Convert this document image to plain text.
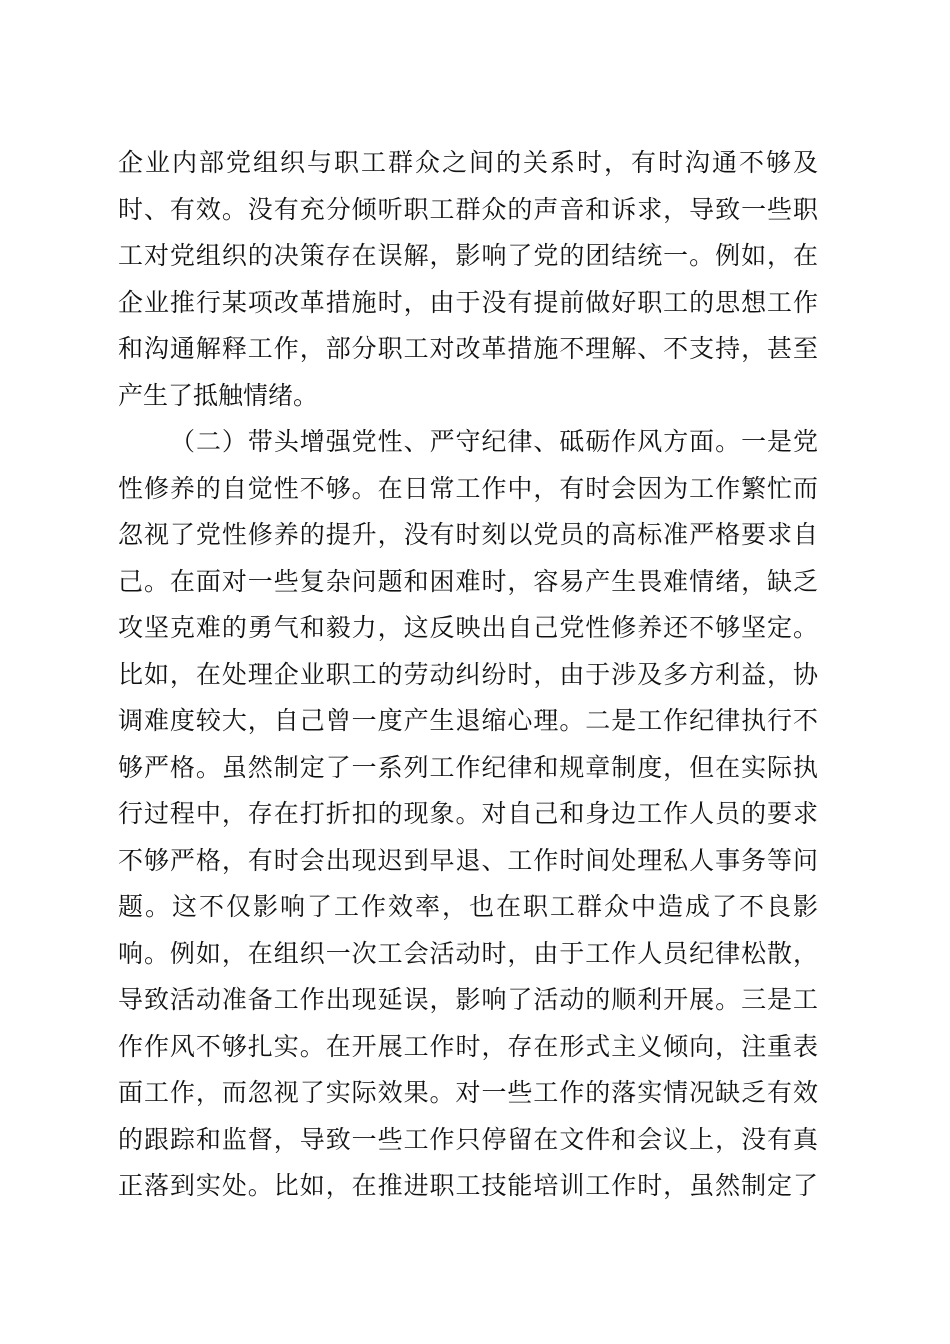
企业内部党组织与职工群众之间的关系时，有时沟通不够及
时、有效。没有充分倾听职工群众的声音和诉求，导致一些职
工对党组织的决策存在误解，影响了党的团结统一。例如，在
企业推行某项改革措施时，由于没有提前做好职工的思想工作
和沟通解释工作，部分职工对改革措施不理解、不支持，甚至
产生了抵触情绪。
（二）带头增强党性、严守纪律、砥砺作风方面。一是党
性修养的自觉性不够。在日常工作中，有时会因为工作繁忙而
忽视了党性修养的提升，没有时刻以党员的高标准严格要求自
己。在面对一些复杂问题和困难时，容易产生畏难情绪，缺乏
攻坚克难的勇气和毅力，这反映出自己党性修养还不够坚定。
比如，在处理企业职工的劳动纠纷时，由于涉及多方利益，协
调难度较大，自己曾一度产生退缩心理。二是工作纪律执行不
够严格。虽然制定了一系列工作纪律和规章制度，但在实际执
行过程中，存在打折扣的现象。对自己和身边工作人员的要求
不够严格，有时会出现迟到早退、工作时间处理私人事务等问
题。这不仅影响了工作效率，也在职工群众中造成了不良影
响。例如，在组织一次工会活动时，由于工作人员纪律松散，
导致活动准备工作出现延误，影响了活动的顺利开展。三是工
作作风不够扎实。在开展工作时，存在形式主义倾向，注重表
面工作，而忽视了实际效果。对一些工作的落实情况缺乏有效
的跟踪和监督，导致一些工作只停留在文件和会议上，没有真
正落到实处。比如，在推进职工技能培训工作时，虽然制定了
